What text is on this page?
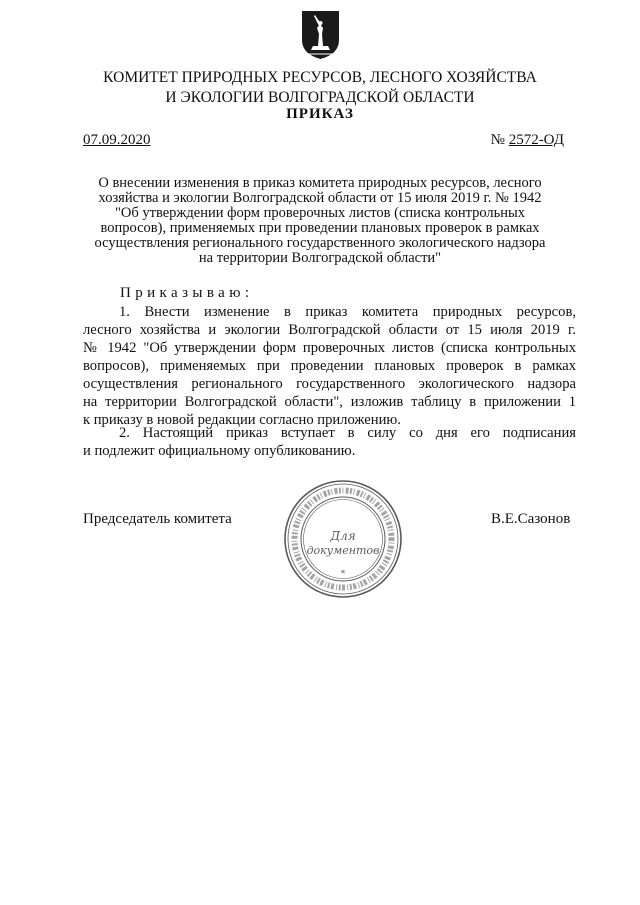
КОМИТЕТ ПРИРОДНЫХ РЕСУРСОВ, ЛЕСНОГО ХОЗЯЙСТВА
И ЭКОЛОГИИ ВОЛГОГРАДСКОЙ ОБЛАСТИ
ПРИКАЗ
07.09.2020	№ 2572-ОД
О внесении изменения в приказ комитета природных ресурсов, лесного
хозяйства и экологии Волгоградской области от 15 июля 2019 г. № 1942
"Об утверждении форм проверочных листов (списка контрольных
вопросов), применяемых при проведении плановых проверок в рамках
осуществления регионального государственного экологического надзора
на территории Волгоградской области"
Приказываю:
1. Внести изменение в приказ комитета природных ресурсов,
лесного хозяйства и экологии Волгоградской области от 15 июля 2019 г.
№ 1942 "Об утверждении форм проверочных листов (списка контрольных
вопросов), применяемых при проведении плановых проверок в рамках
осуществления регионального государственного экологического надзора
на территории Волгоградской области", изложив таблицу в приложении 1
к приказу в новой редакции согласно приложению.
2. Настоящий приказ вступает в силу со дня его подписания
и подлежит официальному опубликованию.
Председатель комитета	В.Е.Сазонов
Для
документов
*
